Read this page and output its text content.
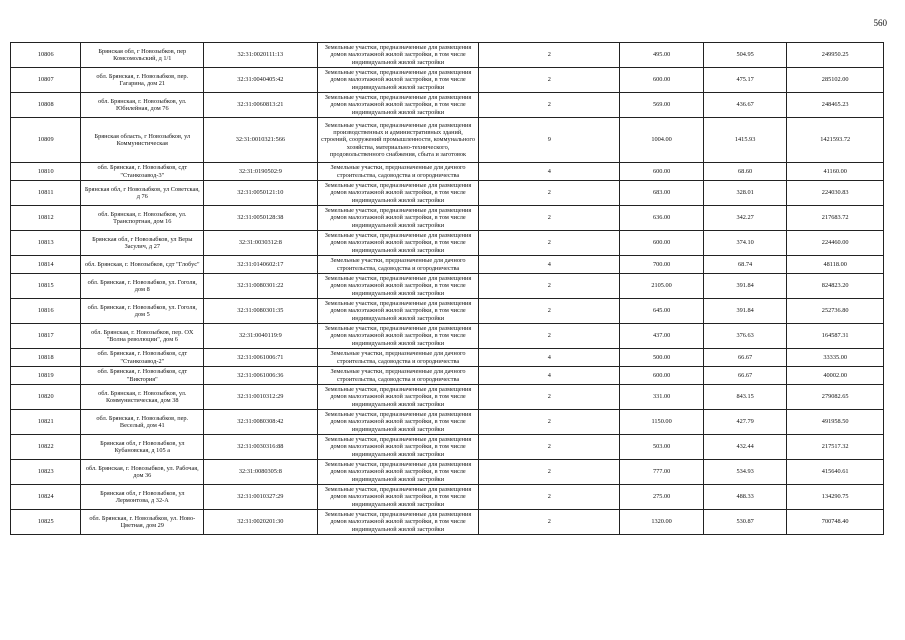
560
10806	Брянская обл, г Новозыбков, пер Комсомольский, д 1/1	32:31:0020111:13	Земельные участки, предназначенные для размещения домов малоэтажной жилой застройки, в том числе индивидуальной жилой застройки	2	495.00	504.95	249950.25
10807	обл. Брянская, г. Новозыбков, пер. Гагарина, дом 21	32:31:0040405:42	Земельные участки, предназначенные для размещения домов малоэтажной жилой застройки, в том числе индивидуальной жилой застройки	2	600.00	475.17	285102.00
10808	обл. Брянская, г. Новозыбков, ул. Юбилейная, дом 76	32:31:0060813:21	Земельные участки, предназначенные для размещения домов малоэтажной жилой застройки, в том числе индивидуальной жилой застройки	2	569.00	436.67	248465.23
10809	Брянская область, г Новозыбков, ул Коммунистическая	32:31:0010321:566	Земельные участки, предназначенные для размещения производственных и административных зданий, строений, сооружений промышленности, коммунального хозяйства, материально-технического, продовольственного снабжения, сбыта и заготовок	9	1004.00	1415.93	1421593.72
10810	обл. Брянская, г. Новозыбков, сдт "Станкозавод-3"	32:31:0190502:9	Земельные участки, предназначенные для дачного строительства, садоводства и огородничества	4	600.00	68.60	41160.00
10811	Брянская обл, г Новозыбков, ул Советская, д 76	32:31:0050121:10	Земельные участки, предназначенные для размещения домов малоэтажной жилой застройки, в том числе индивидуальной жилой застройки	2	683.00	328.01	224030.83
10812	обл. Брянская, г. Новозыбков, ул. Транспортная, дом 16	32:31:0050128:38	Земельные участки, предназначенные для размещения домов малоэтажной жилой застройки, в том числе индивидуальной жилой застройки	2	636.00	342.27	217683.72
10813	Брянская обл, г Новозыбков, ул Веры Засулич, д 27	32:31:0030312:8	Земельные участки, предназначенные для размещения домов малоэтажной жилой застройки, в том числе индивидуальной жилой застройки	2	600.00	374.10	224460.00
10814	обл. Брянская, г. Новозыбков, сдт "Глобус"	32:31:0140602:17	Земельные участки, предназначенные для дачного строительства, садоводства и огородничества	4	700.00	68.74	48118.00
10815	обл. Брянская, г. Новозыбков, ул. Гоголя, дом 8	32:31:0080301:22	Земельные участки, предназначенные для размещения домов малоэтажной жилой застройки, в том числе индивидуальной жилой застройки	2	2105.00	391.84	824823.20
10816	обл. Брянская, г. Новозыбков, ул. Гоголя, дом 5	32:31:0080301:35	Земельные участки, предназначенные для размещения домов малоэтажной жилой застройки, в том числе индивидуальной жилой застройки	2	645.00	391.84	252736.80
10817	обл. Брянская, г. Новозыбков, пер. OX "Волна революции", дом 6	32:31:0040119:9	Земельные участки, предназначенные для размещения домов малоэтажной жилой застройки, в том числе индивидуальной жилой застройки	2	437.00	376.63	164587.31
10818	обл. Брянская, г. Новозыбков, сдт "Станкозавод-2"	32:31:0061006:71	Земельные участки, предназначенные для дачного строительства, садоводства и огородничества	4	500.00	66.67	33335.00
10819	обл. Брянская, г. Новозыбков, сдт "Виктория"	32:31:0061006:36	Земельные участки, предназначенные для дачного строительства, садоводства и огородничества	4	600.00	66.67	40002.00
10820	обл. Брянская, г. Новозыбков, ул. Коммунистическая, дом 38	32:31:0010312:29	Земельные участки, предназначенные для размещения домов малоэтажной жилой застройки, в том числе индивидуальной жилой застройки	2	331.00	843.15	279082.65
10821	обл. Брянская, г. Новозыбков, пер. Веселый, дом 41	32:31:0080308:42	Земельные участки, предназначенные для размещения домов малоэтажной жилой застройки, в том числе индивидуальной жилой застройки	2	1150.00	427.79	491958.50
10822	Брянская обл, г Новозыбков, ул Кубановская, д 105 а	32:31:0030316:88	Земельные участки, предназначенные для размещения домов малоэтажной жилой застройки, в том числе индивидуальной жилой застройки	2	503.00	432.44	217517.32
10823	обл. Брянская, г. Новозыбков, ул. Рабочая, дом 36	32:31:0080305:8	Земельные участки, предназначенные для размещения домов малоэтажной жилой застройки, в том числе индивидуальной жилой застройки	2	777.00	534.93	415640.61
10824	Брянская обл, г Новозыбков, ул Лермонтова, д 32-А	32:31:0010327:29	Земельные участки, предназначенные для размещения домов малоэтажной жилой застройки, в том числе индивидуальной жилой застройки	2	275.00	488.33	134290.75
10825	обл. Брянская, г. Новозыбков, ул. Ново-Цветная, дом 29	32:31:0020201:30	Земельные участки, предназначенные для размещения домов малоэтажной жилой застройки, в том числе индивидуальной жилой застройки	2	1320.00	530.87	700748.40
